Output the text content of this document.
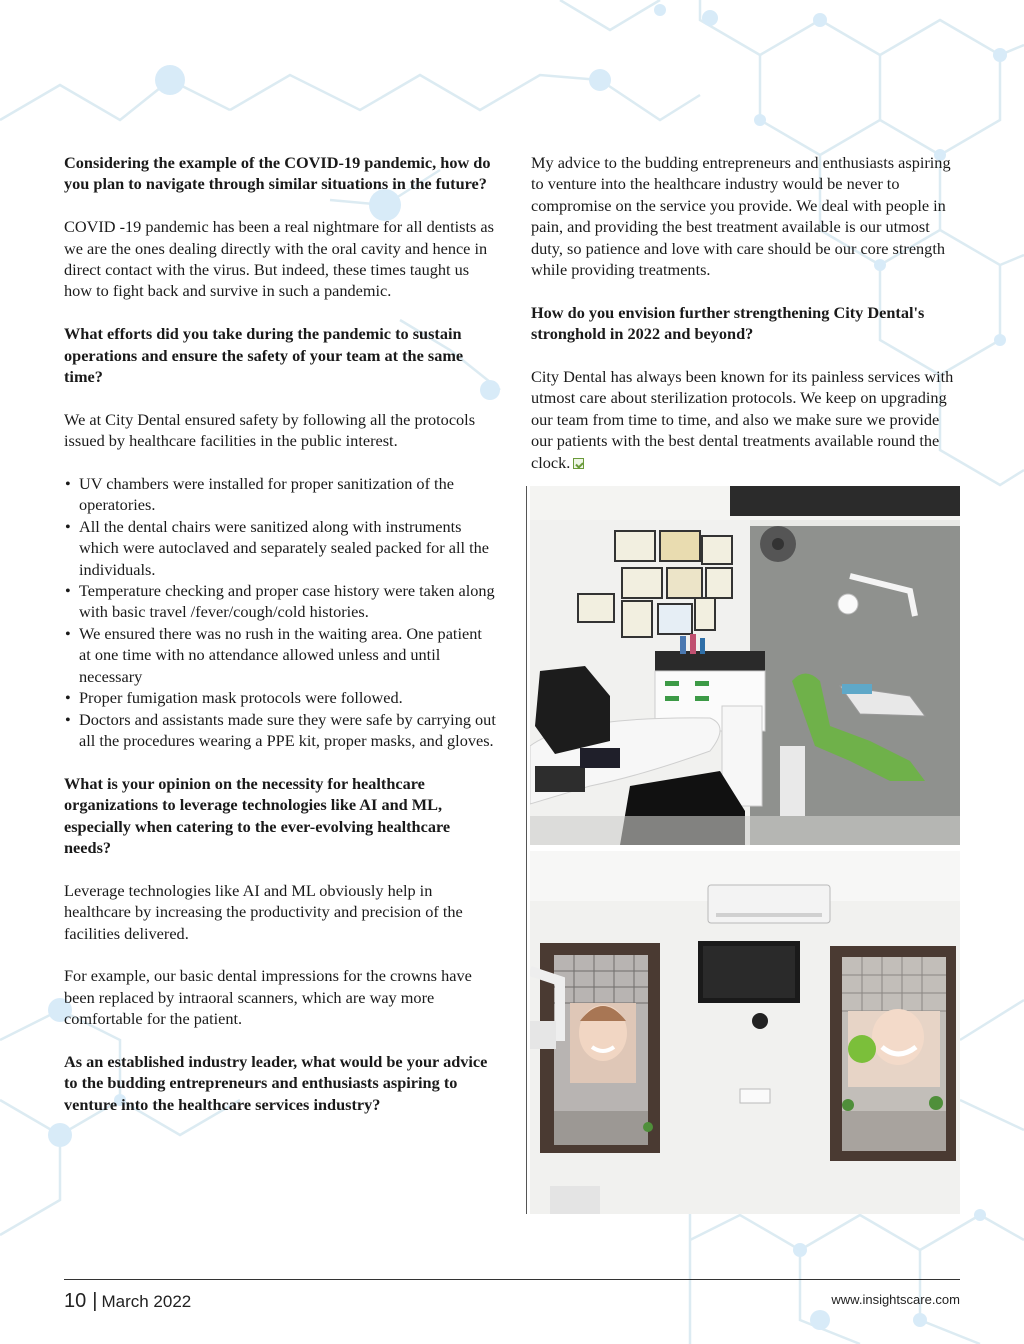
Considering the example of the COVID-19 pandemic, how do you plan to navigate through similar situations in the future?

COVID -19 pandemic has been a real nightmare for all dentists as we are the ones dealing directly with the oral cavity and hence in direct contact with the virus. But indeed, these times taught us how to fight back and survive in such a pandemic.

What efforts did you take during the pandemic to sustain operations and ensure the safety of your team at the same time?

We at City Dental ensured safety by following all the protocols issued by healthcare facilities in the public interest.

• UV chambers were installed for proper sanitization of the operatories.
• All the dental chairs were sanitized along with instruments which were autoclaved and separately sealed packed for all the individuals.
• Temperature checking and proper case history were taken along with basic travel /fever/cough/cold histories.
• We ensured there was no rush in the waiting area. One patient at one time with no attendance allowed unless and until necessary
• Proper fumigation mask protocols were followed.
• Doctors and assistants made sure they were safe by carrying out all the procedures wearing a PPE kit, proper masks, and gloves.

What is your opinion on the necessity for healthcare organizations to leverage technologies like AI and ML, especially when catering to the ever-evolving healthcare needs?

Leverage technologies like AI and ML obviously help in healthcare by increasing the productivity and precision of the facilities delivered.

For example, our basic dental impressions for the crowns have been replaced by intraoral scanners, which are way more comfortable for the patient.

As an established industry leader, what would be your advice to the budding entrepreneurs and enthusiasts aspiring to venture into the healthcare services industry?

My advice to the budding entrepreneurs and enthusiasts aspiring to venture into the healthcare industry would be never to compromise on the service you provide. We deal with people in pain, and providing the best treatment available is our utmost duty, so patience and love with care should be our core strength while providing treatments.

How do you envision further strengthening City Dental's stronghold in 2022 and beyond?

City Dental has always been known for its painless services with utmost care about sterilization protocols. We keep on upgrading our team from time to time, and also we make sure we provide our patients with the best dental treatments available round the clock.

10 | March 2022	www.insightscare.com
